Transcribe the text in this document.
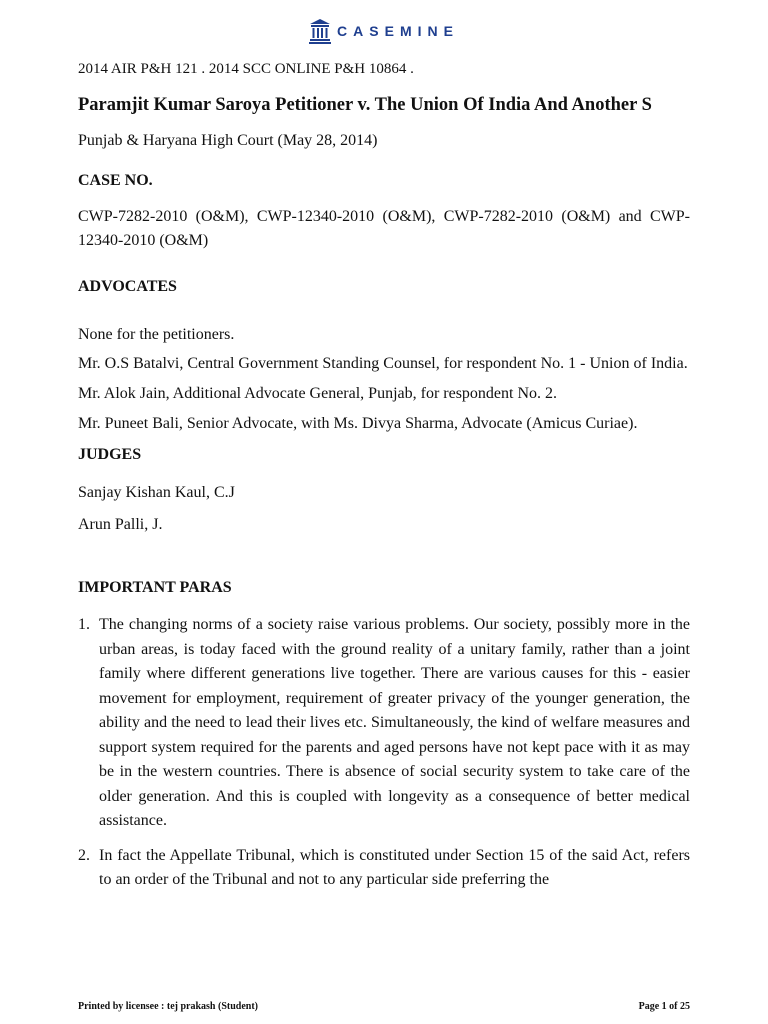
CASEMINE

2014 AIR P&H 121 . 2014 SCC ONLINE P&H 10864 .

Paramjit Kumar Saroya Petitioner v. The Union Of India And Another S

Punjab & Haryana High Court (May 28, 2014)

CASE NO.

CWP-7282-2010 (O&M), CWP-12340-2010 (O&M), CWP-7282-2010 (O&M) and CWP-12340-2010 (O&M)

ADVOCATES

None for the petitioners.

Mr. O.S Batalvi, Central Government Standing Counsel, for respondent No. 1 - Union of India.

Mr. Alok Jain, Additional Advocate General, Punjab, for respondent No. 2.

Mr. Puneet Bali, Senior Advocate, with Ms. Divya Sharma, Advocate (Amicus Curiae).

JUDGES

Sanjay Kishan Kaul, C.J

Arun Palli, J.

IMPORTANT PARAS

1. The changing norms of a society raise various problems. Our society, possibly more in the urban areas, is today faced with the ground reality of a unitary family, rather than a joint family where different generations live together. There are various causes for this - easier movement for employment, requirement of greater privacy of the younger generation, the ability and the need to lead their lives etc. Simultaneously, the kind of welfare measures and support system required for the parents and aged persons have not kept pace with it as may be in the western countries. There is absence of social security system to take care of the older generation. And this is coupled with longevity as a consequence of better medical assistance.
2. In fact the Appellate Tribunal, which is constituted under Section 15 of the said Act, refers to an order of the Tribunal and not to any particular side preferring the
Printed by licensee : tej prakash (Student)	Page 1 of 25
